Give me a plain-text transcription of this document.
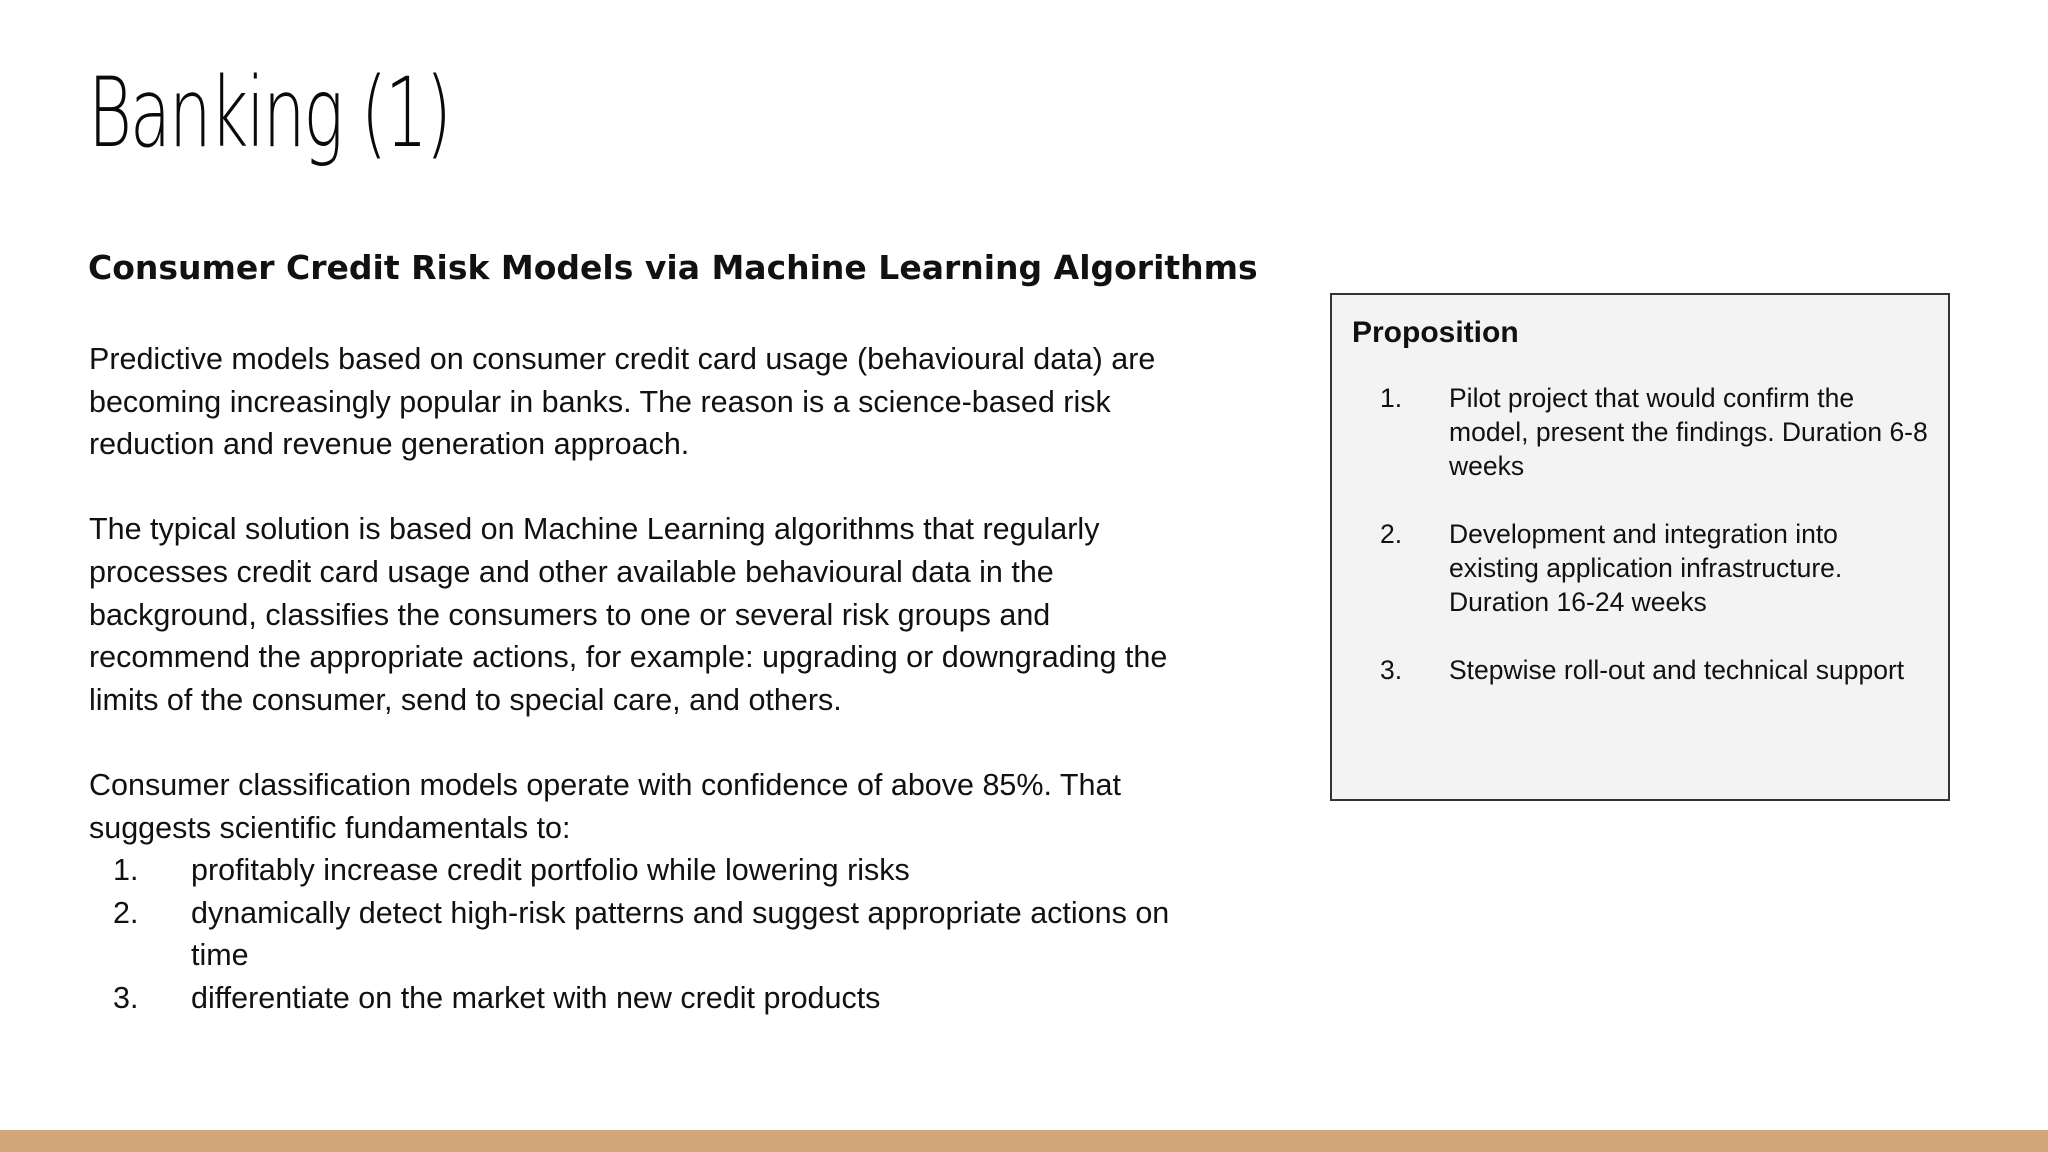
Banking (1)
Consumer Credit Risk Models via Machine Learning Algorithms

Predictive models based on consumer credit card usage (behavioural data) are becoming increasingly popular in banks. The reason is a science-based risk reduction and revenue generation approach.

The typical solution is based on Machine Learning algorithms that regularly processes credit card usage and other available behavioural data in the background, classifies the consumers to one or several risk groups and recommend the appropriate actions, for example: upgrading or downgrading the limits of the consumer, send to special care, and others.

Consumer classification models operate with confidence of above 85%. That suggests scientific fundamentals to:

1. profitably increase credit portfolio while lowering risks
2. dynamically detect high-risk patterns and suggest appropriate actions on time
3. differentiate on the market with new credit products
Proposition
1. Pilot project that would confirm the model, present the findings. Duration 6-8 weeks
2. Development and integration into existing application infrastructure. Duration 16-24 weeks
3. Stepwise roll-out and technical support
